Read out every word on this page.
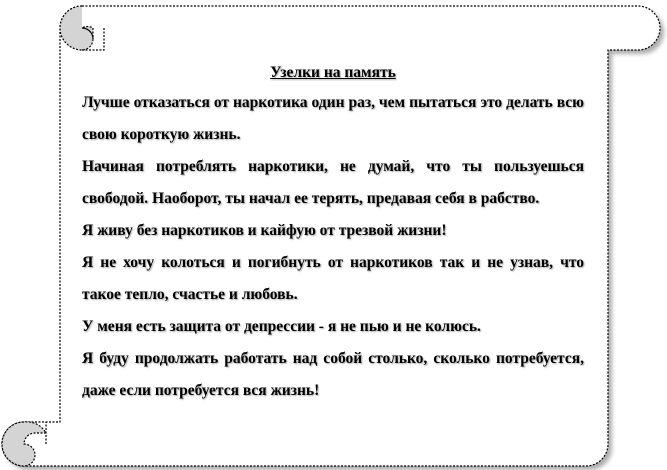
Узелки на память

Лучше отказаться от наркотика один раз, чем пытаться это делать всю свою короткую жизнь.

Начиная потреблять наркотики, не думай, что ты пользуешься свободой. Наоборот, ты начал ее терять, предавая себя в рабство.

Я живу без наркотиков и кайфую от трезвой жизни!

Я не хочу колоться и погибнуть от наркотиков так и не узнав, что такое тепло, счастье и любовь.

У меня есть защита от депрессии - я не пью и не колюсь.

Я буду продолжать работать над собой столько, сколько потребуется, даже если потребуется вся жизнь!
